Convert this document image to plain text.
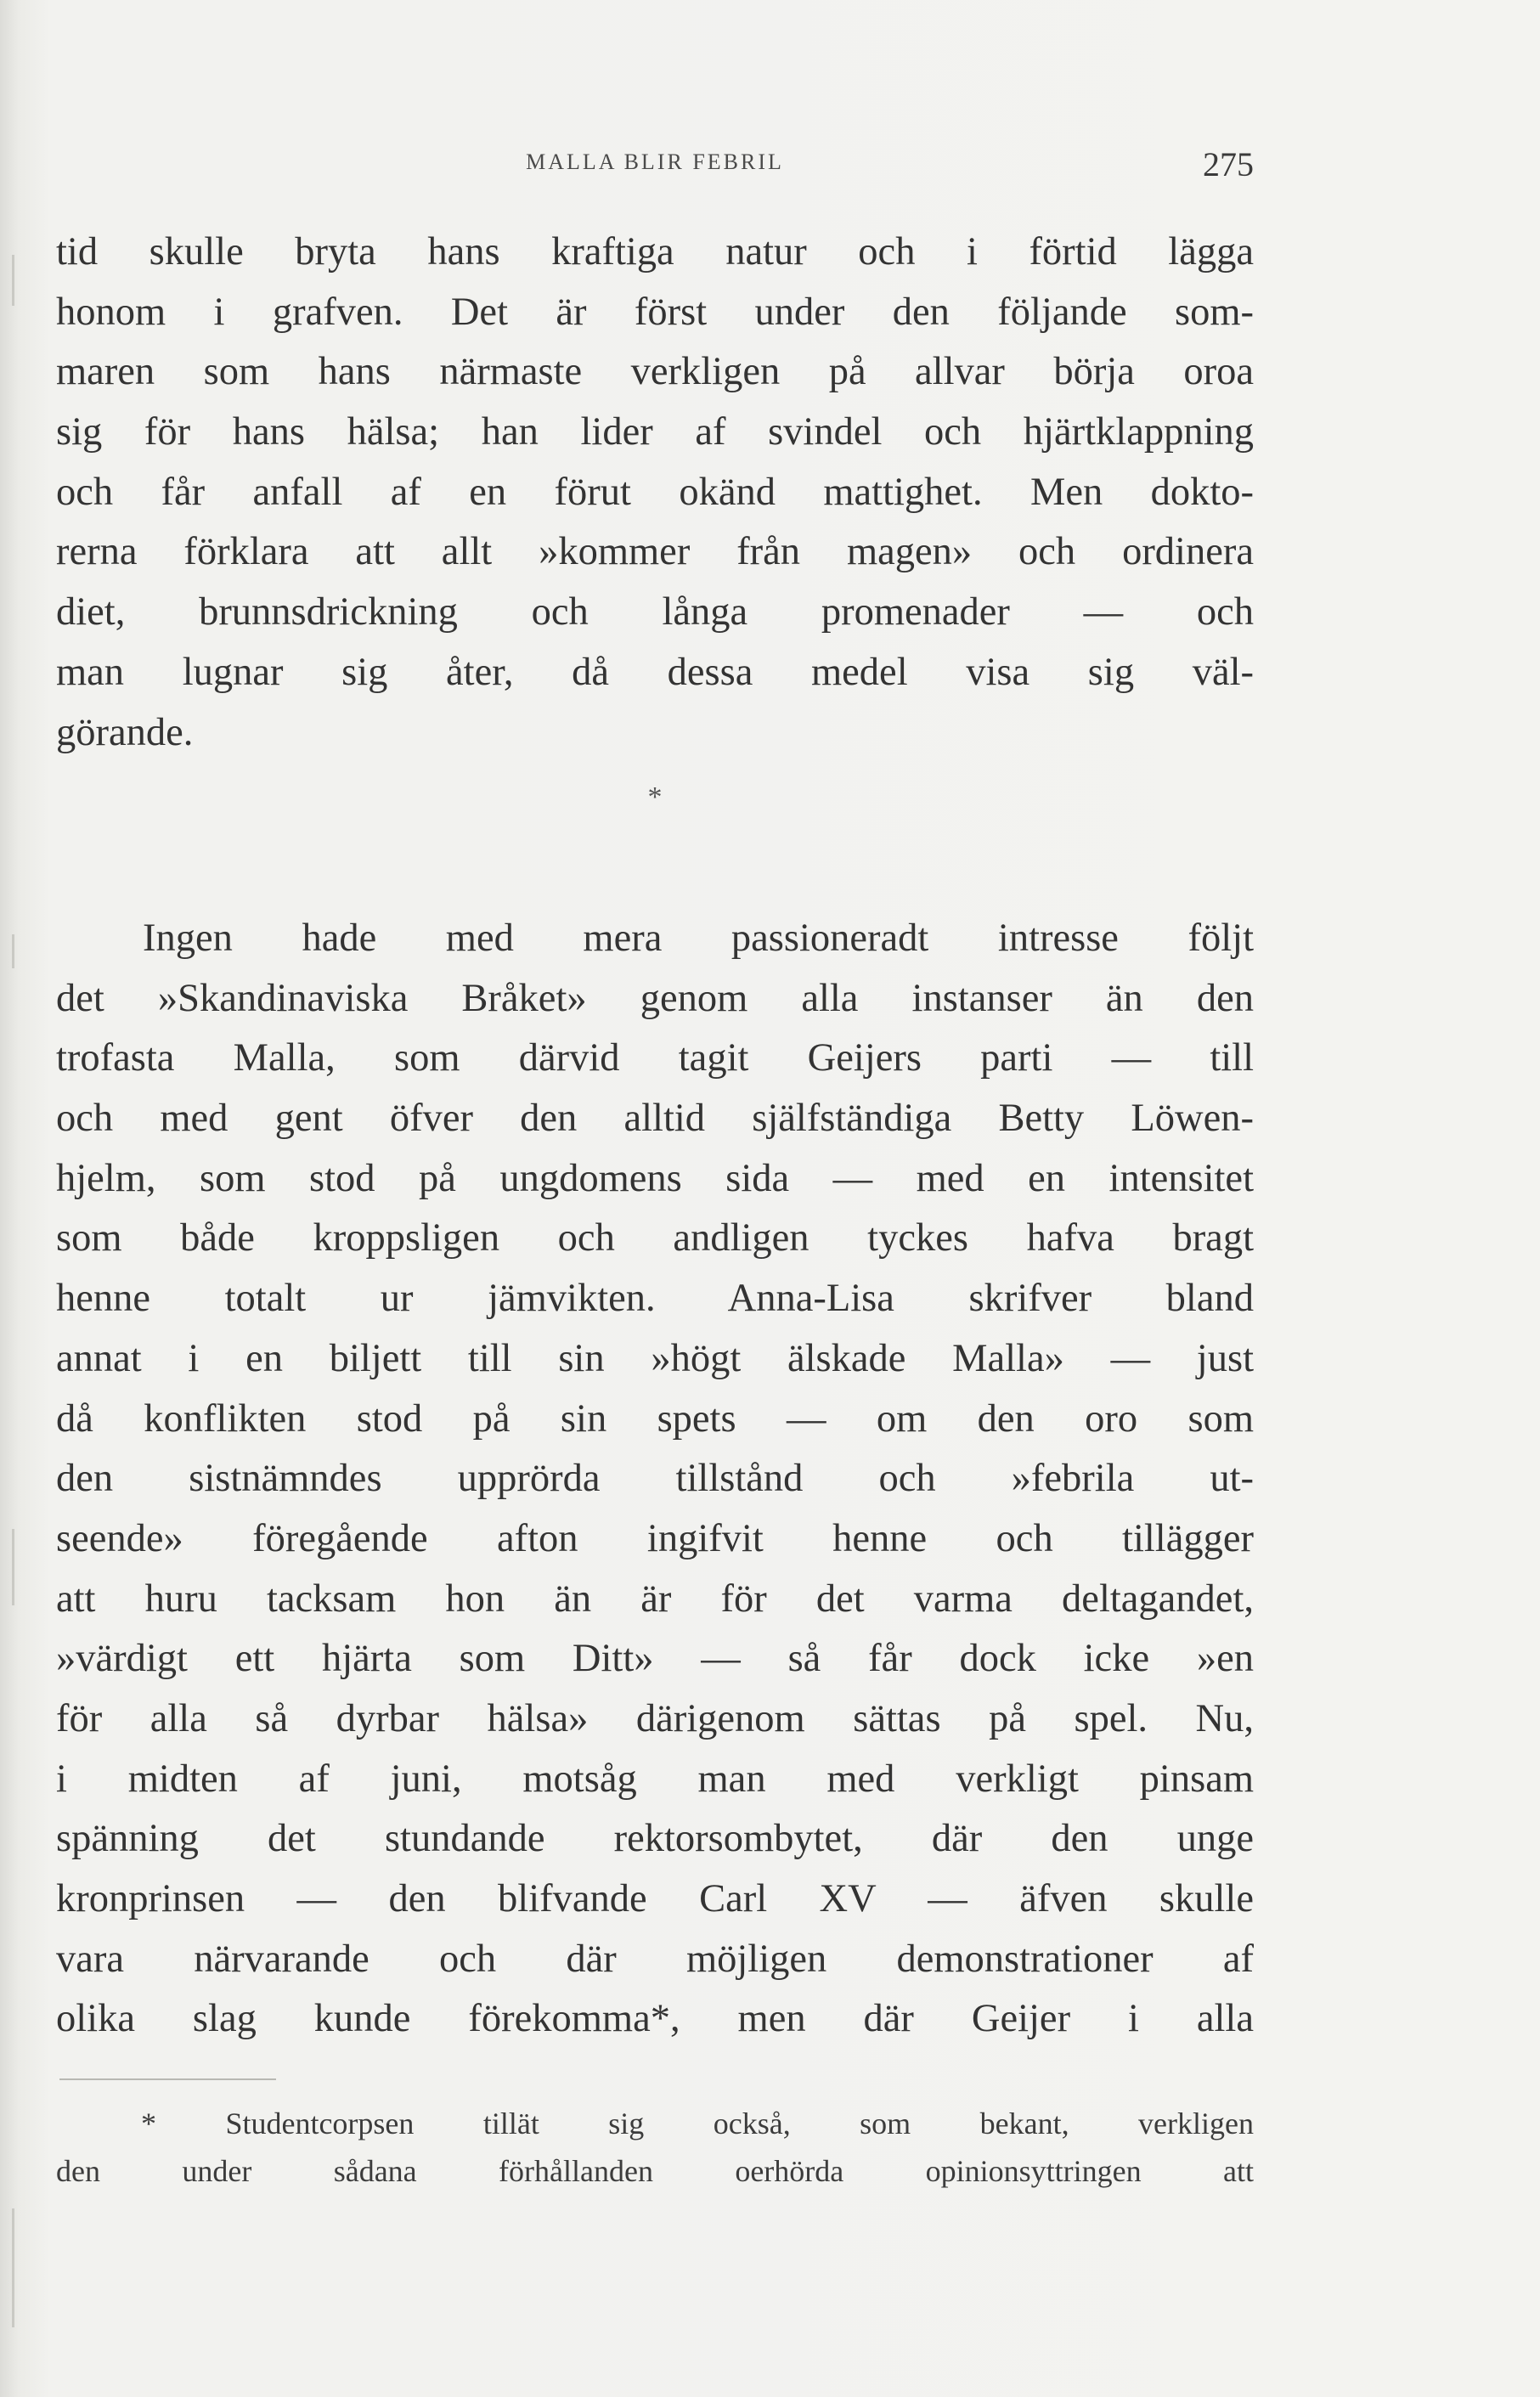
MALLA BLIR FEBRIL	275
tid skulle bryta hans kraftiga natur och i förtid lägga
honom i grafven. Det är först under den följande som-
maren som hans närmaste verkligen på allvar börja oroa
sig för hans hälsa; han lider af svindel och hjärtklappning
och får anfall af en förut okänd mattighet. Men dokto-
rerna förklara att allt »kommer från magen» och ordinera
diet, brunnsdrickning och långa promenader — och
man lugnar sig åter, då dessa medel visa sig väl-
görande.
*
Ingen hade med mera passioneradt intresse följt
det »Skandinaviska Bråket» genom alla instanser än den
trofasta Malla, som därvid tagit Geijers parti — till
och med gent öfver den alltid själfständiga Betty Löwen-
hjelm, som stod på ungdomens sida — med en intensitet
som både kroppsligen och andligen tyckes hafva bragt
henne totalt ur jämvikten. Anna-Lisa skrifver bland
annat i en biljett till sin »högt älskade Malla» — just
då konflikten stod på sin spets — om den oro som
den sistnämndes upprörda tillstånd och »febrila ut-
seende» föregående afton ingifvit henne och tillägger
att huru tacksam hon än är för det varma deltagandet,
»värdigt ett hjärta som Ditt» — så får dock icke »en
för alla så dyrbar hälsa» därigenom sättas på spel. Nu,
i midten af juni, motsåg man med verkligt pinsam
spänning det stundande rektorsombytet, där den unge
kronprinsen — den blifvande Carl XV — äfven skulle
vara närvarande och där möjligen demonstrationer af
olika slag kunde förekomma*, men där Geijer i alla
* Studentcorpsen tillät sig också, som bekant, verkligen
den under sådana förhållanden oerhörda opinionsyttringen att
